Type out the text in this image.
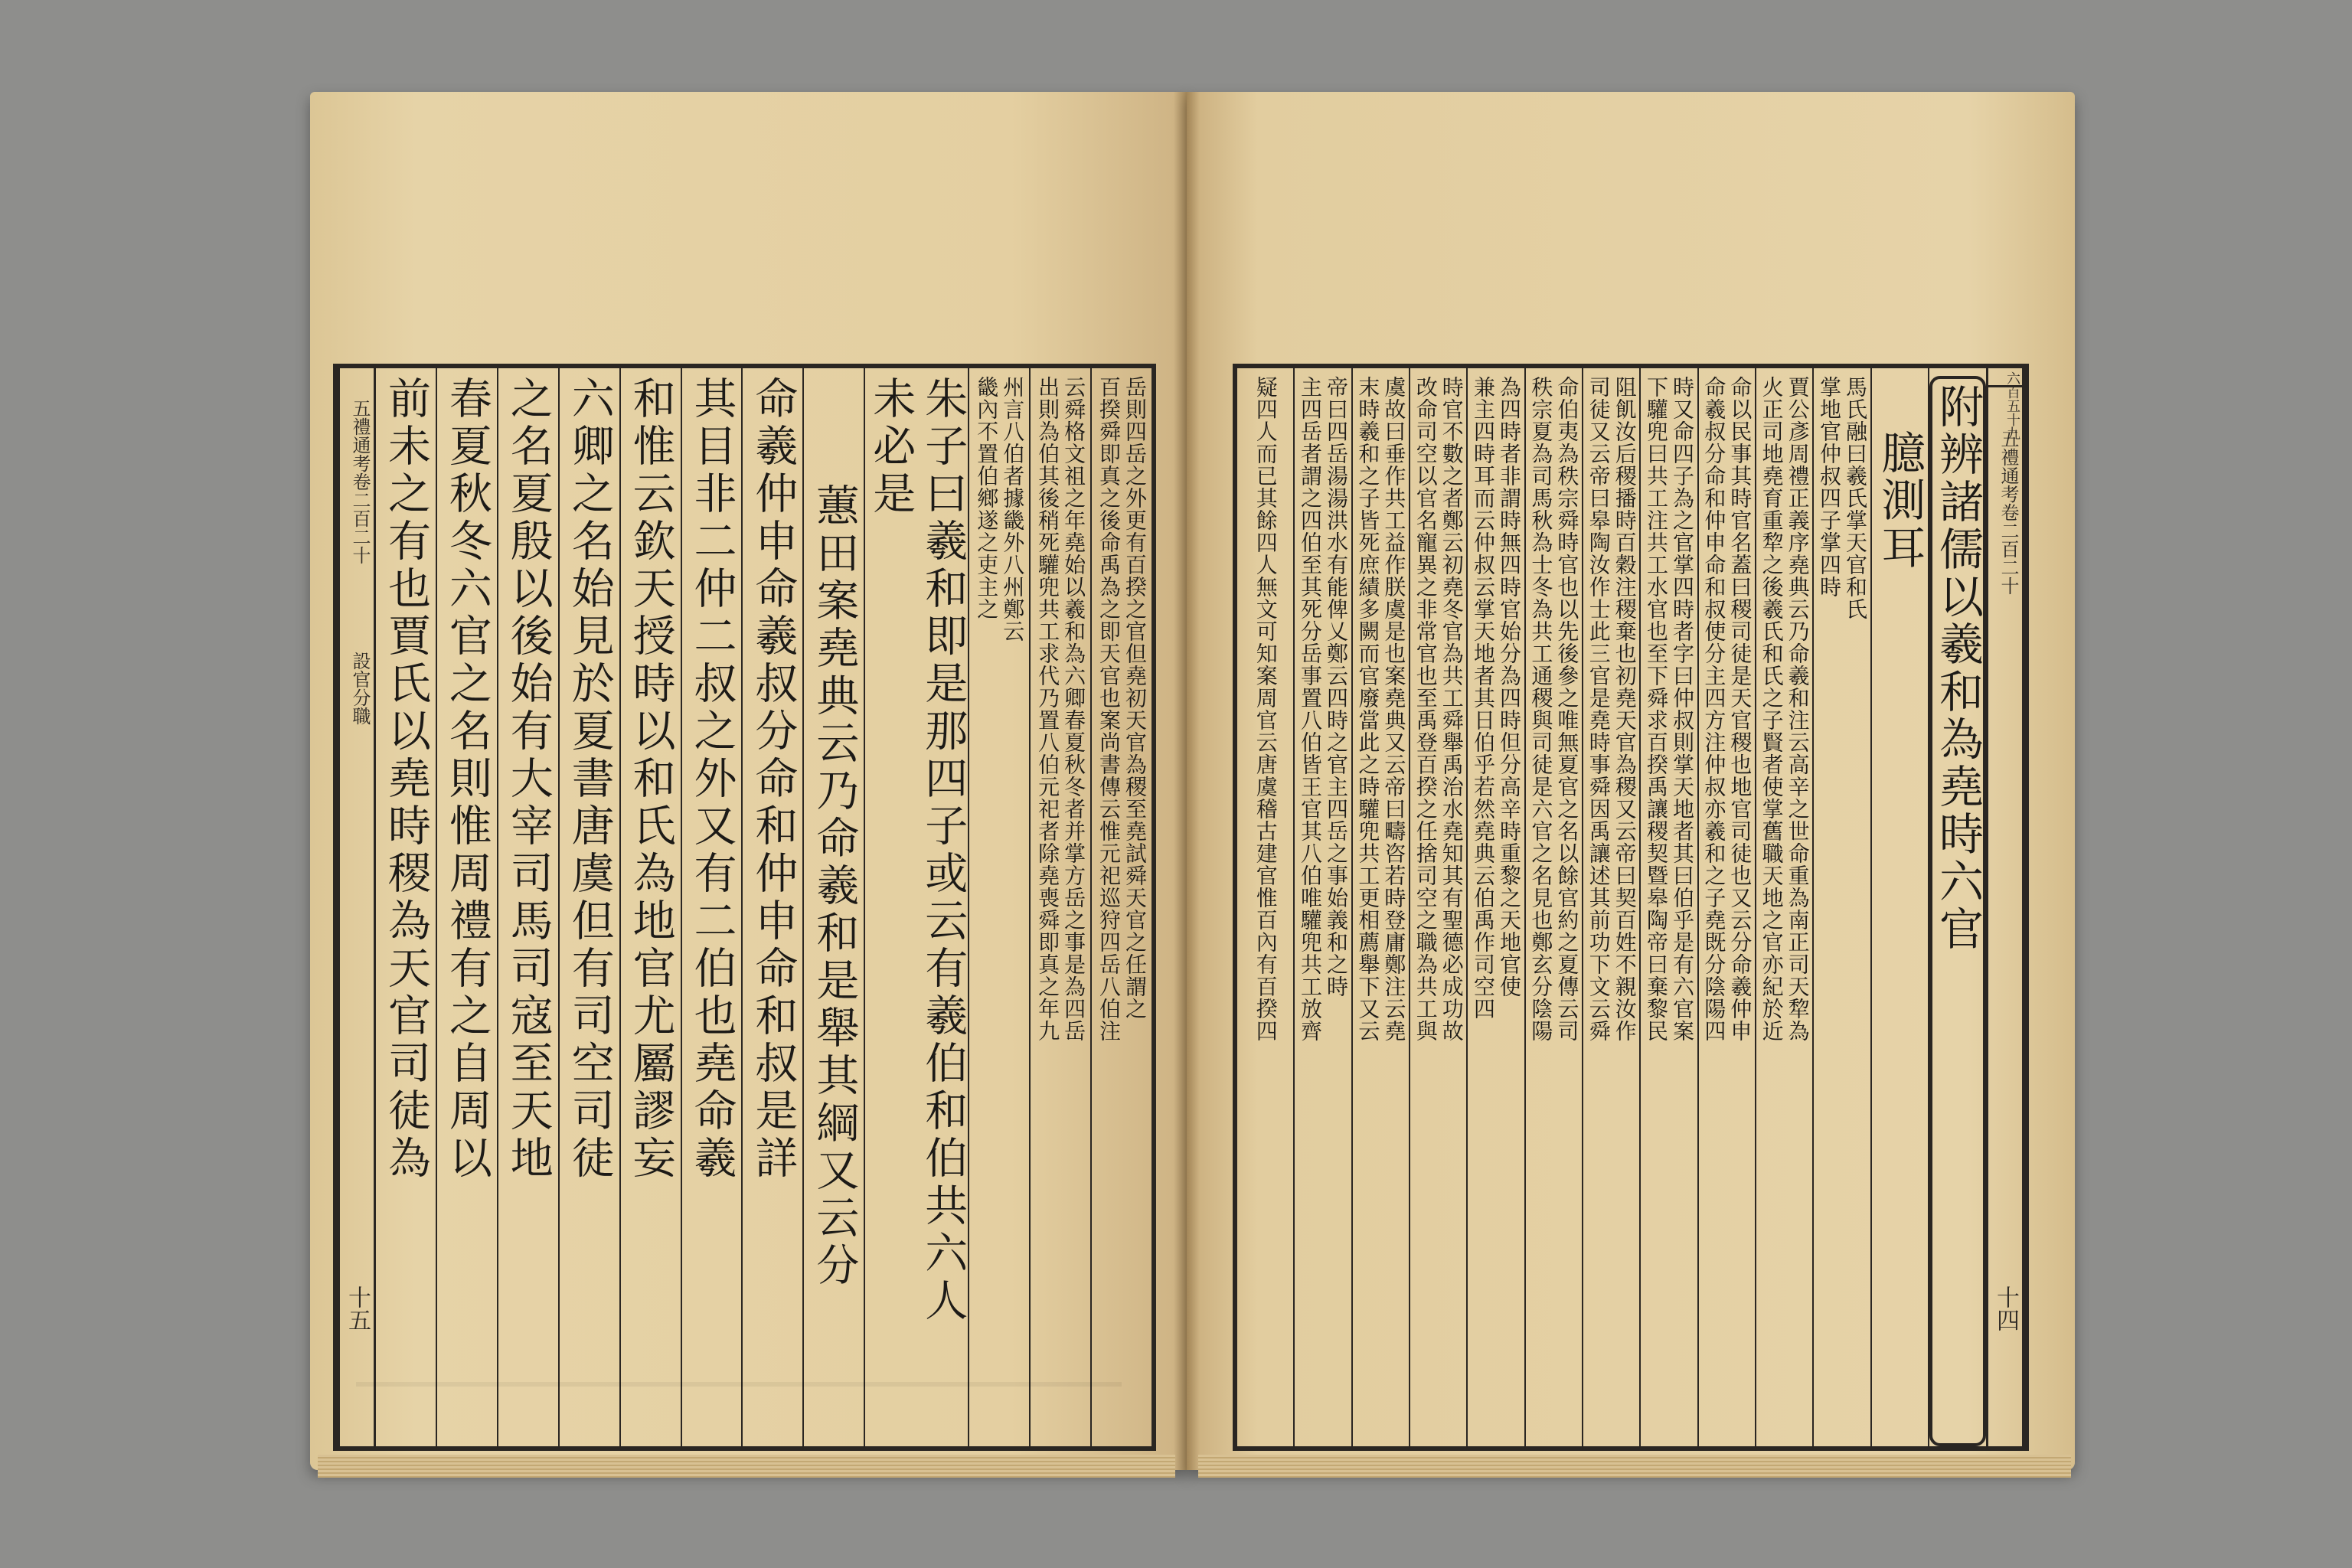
五禮通考卷二百二十
設官分職
十五
岳則四岳之外更有百揆之官但堯初天官為稷至堯試舜天官之任謂之
百揆舜即真之後命禹為之即天官也案尚書傳云惟元祀巡狩四岳八伯注
云舜格文祖之年堯始以羲和為六卿春夏秋冬者并掌方岳之事是為四岳
出則為伯其後稍死驩兜共工求代乃置八伯元祀者除堯喪舜即真之年九
州言八伯者據畿外八州鄭云
畿內不置伯鄉遂之吏主之
朱子曰羲和即是那四子或云有羲伯和伯共六人
未必是
蕙田案堯典云乃命羲和是舉其綱又云分
命羲仲申命羲叔分命和仲申命和叔是詳
其目非二仲二叔之外又有二伯也堯命羲
和惟云欽天授時以和氏為地官尤屬謬妄
六卿之名始見於夏書唐虞但有司空司徒
之名夏殷以後始有大宰司馬司寇至天地
春夏秋冬六官之名則惟周禮有之自周以
前未之有也賈氏以堯時稷為天官司徒為	六百五十九
五禮通考卷二百二十
十四
附辨諸儒以羲和為堯時六官
臆測耳
馬氏融曰羲氏掌天官和氏
掌地官仲叔四子掌四時
賈公彥周禮正義序堯典云乃命羲和注云高辛之世命重為南正司天犂為
火正司地堯育重犂之後羲氏和氏之子賢者使掌舊職天地之官亦紀於近
命以民事其時官名蓋曰稷司徒是天官稷也地官司徒也又云分命羲仲申
命羲叔分命和仲申命和叔使分主四方注仲叔亦羲和之子堯既分陰陽四
時又命四子為之官掌四時者字曰仲叔則掌天地者其曰伯乎是有六官案
下驩兜曰共工注共工水官也至下舜求百揆禹讓稷契暨皋陶帝曰棄黎民
阻飢汝后稷播時百穀注稷棄也初堯天官為稷又云帝曰契百姓不親汝作
司徒又云帝曰皋陶汝作士此三官是堯時事舜因禹讓述其前功下文云舜
命伯夷為秩宗舜時官也以先後參之唯無夏官之名以餘官約之夏傳云司
秩宗夏為司馬秋為士冬為共工通稷與司徒是六官之名見也鄭玄分陰陽
為四時者非謂時無四時官始分為四時但分高辛時重黎之天地官使
兼主四時耳而云仲叔云掌天地者其日伯乎若然堯典云伯禹作司空四
時官不數之者鄭云初堯冬官為共工舜舉禹治水堯知其有聖德必成功故
改命司空以官名寵異之非常官也至禹登百揆之任捨司空之職為共工與
虞故曰垂作共工益作朕虞是也案堯典又云帝曰疇咨若時登庸鄭注云堯
末時羲和之子皆死庶績多闕而官廢當此之時驩兜共工更相薦舉下又云
帝曰四岳湯湯洪水有能俾乂鄭云四時之官主四岳之事始義和之時
主四岳者謂之四伯至其死分岳事置八伯皆王官其八伯唯驩兜共工放齊
疑四人而已其餘四人無文可知案周官云唐虞稽古建官惟百內有百揆四
